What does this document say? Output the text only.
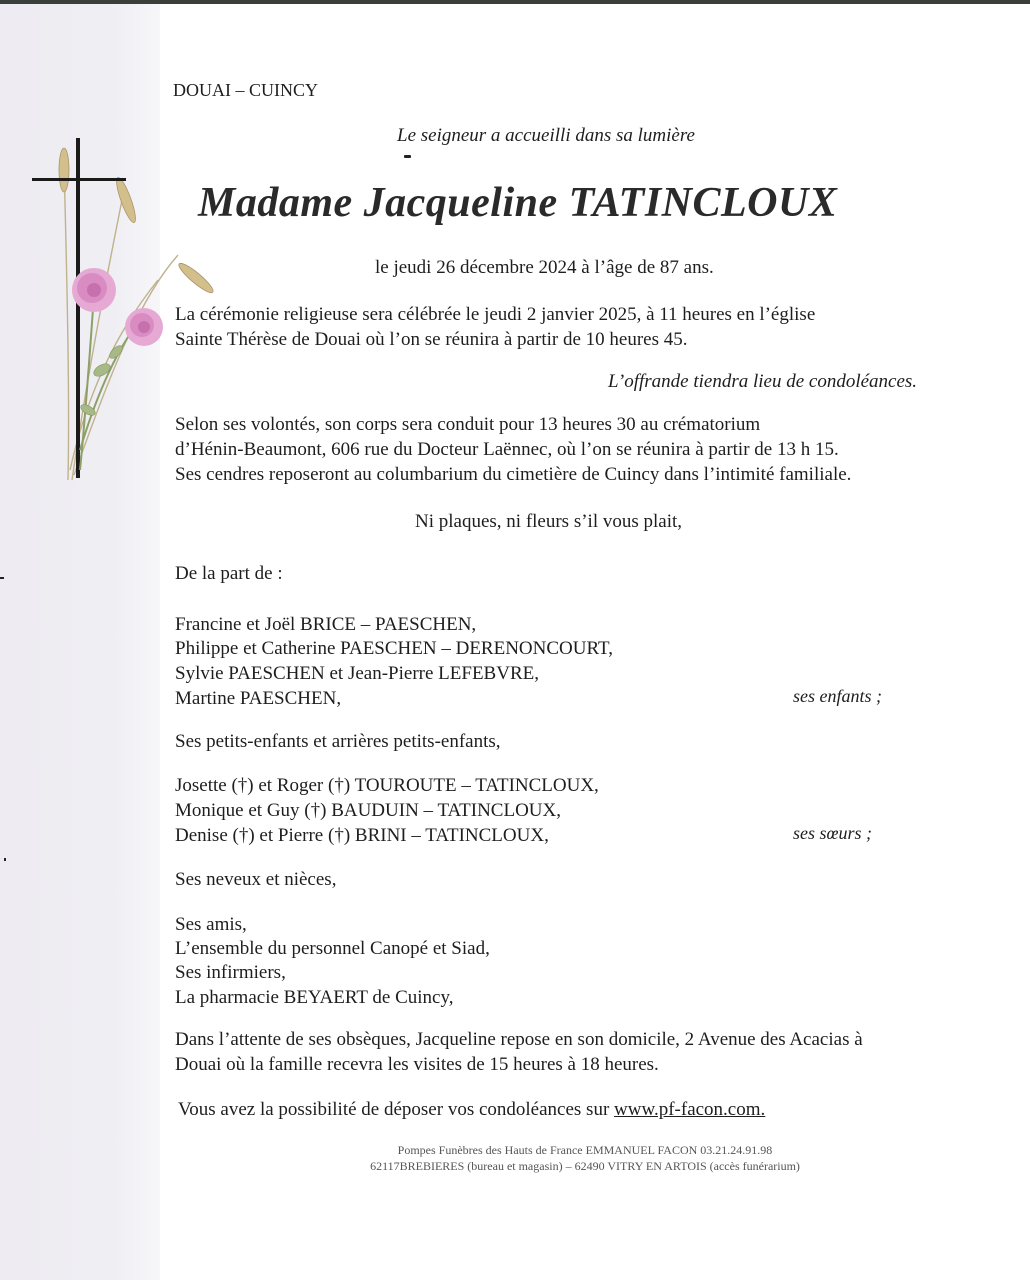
DOUAI – CUINCY
Le seigneur a accueilli dans sa lumière
Madame Jacqueline TATINCLOUX
le jeudi 26 décembre 2024 à l’âge de 87 ans.
La cérémonie religieuse sera célébrée le jeudi 2 janvier 2025, à 11 heures en l’église
Sainte Thérèse de Douai où l’on se réunira à partir de 10 heures 45.
L’offrande tiendra lieu de condoléances.
Selon ses volontés, son corps sera conduit pour 13 heures 30 au crématorium
d’Hénin-Beaumont, 606 rue du Docteur Laënnec, où l’on se réunira à partir de 13 h 15.
Ses cendres reposeront au columbarium du cimetière de Cuincy dans l’intimité familiale.
Ni plaques, ni fleurs s’il vous plait,
De la part de :
Francine et Joël BRICE – PAESCHEN,
Philippe et Catherine PAESCHEN – DERENONCOURT,
Sylvie PAESCHEN et Jean-Pierre LEFEBVRE,
Martine PAESCHEN,	ses enfants ;
Ses petits-enfants et arrières petits-enfants,
Josette (†) et Roger (†) TOUROUTE – TATINCLOUX,
Monique et Guy (†) BAUDUIN – TATINCLOUX,
Denise (†) et Pierre (†) BRINI – TATINCLOUX,	ses sœurs ;
Ses neveux et nièces,
Ses amis,
L’ensemble du personnel Canopé et Siad,
Ses infirmiers,
La pharmacie BEYAERT de Cuincy,
Dans l’attente de ses obsèques, Jacqueline repose en son domicile, 2 Avenue des Acacias à
Douai où la famille recevra les visites de 15 heures à 18 heures.
Vous avez la possibilité de déposer vos condoléances sur www.pf-facon.com.
Pompes Funèbres des Hauts de France EMMANUEL FACON 03.21.24.91.98
62117BREBIERES (bureau et magasin) – 62490 VITRY EN ARTOIS (accès funérarium)
